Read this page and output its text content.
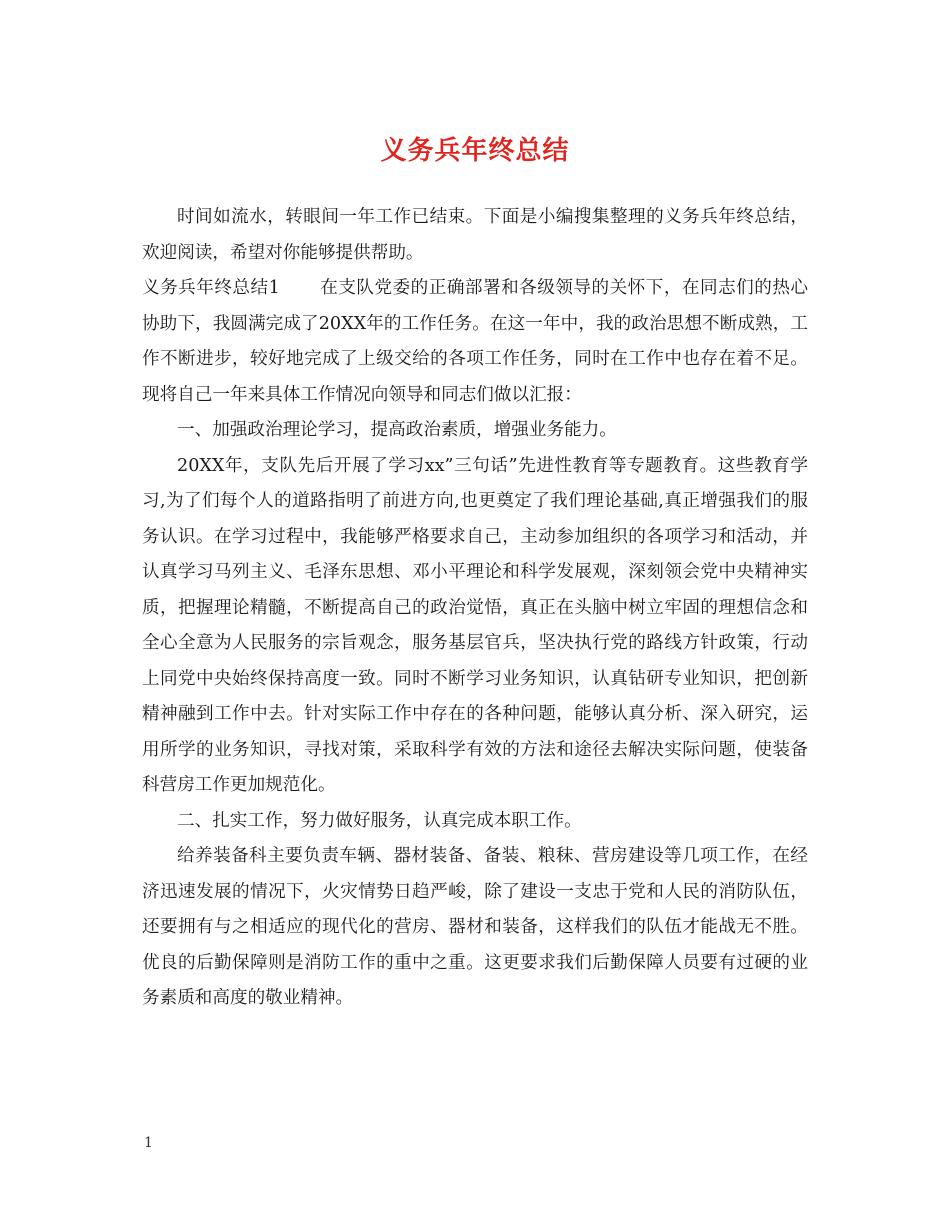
义务兵年终总结

时间如流水，转眼间一年工作已结束。下面是小编搜集整理的义务兵年终总结，欢迎阅读，希望对你能够提供帮助。

义务兵年终总结1 在支队党委的正确部署和各级领导的关怀下，在同志们的热心协助下，我圆满完成了20XX年的工作任务。在这一年中，我的政治思想不断成熟，工作不断进步，较好地完成了上级交给的各项工作任务，同时在工作中也存在着不足。现将自己一年来具体工作情况向领导和同志们做以汇报：

一、加强政治理论学习，提高政治素质，增强业务能力。

20XX年，支队先后开展了学习xx”三句话”先进性教育等专题教育。这些教育学习,为了们每个人的道路指明了前进方向,也更奠定了我们理论基础,真正增强我们的服务认识。在学习过程中，我能够严格要求自己，主动参加组织的各项学习和活动，并认真学习马列主义、毛泽东思想、邓小平理论和科学发展观，深刻领会党中央精神实质，把握理论精髓，不断提高自己的政治觉悟，真正在头脑中树立牢固的理想信念和全心全意为人民服务的宗旨观念，服务基层官兵，坚决执行党的路线方针政策，行动上同党中央始终保持高度一致。同时不断学习业务知识，认真钻研专业知识，把创新精神融到工作中去。针对实际工作中存在的各种问题，能够认真分析、深入研究，运用所学的业务知识，寻找对策，采取科学有效的方法和途径去解决实际问题，使装备科营房工作更加规范化。

二、扎实工作，努力做好服务，认真完成本职工作。

给养装备科主要负责车辆、器材装备、备装、粮秣、营房建设等几项工作，在经济迅速发展的情况下，火灾情势日趋严峻，除了建设一支忠于党和人民的消防队伍，还要拥有与之相适应的现代化的营房、器材和装备，这样我们的队伍才能战无不胜。优良的后勤保障则是消防工作的重中之重。这更要求我们后勤保障人员要有过硬的业务素质和高度的敬业精神。

1
